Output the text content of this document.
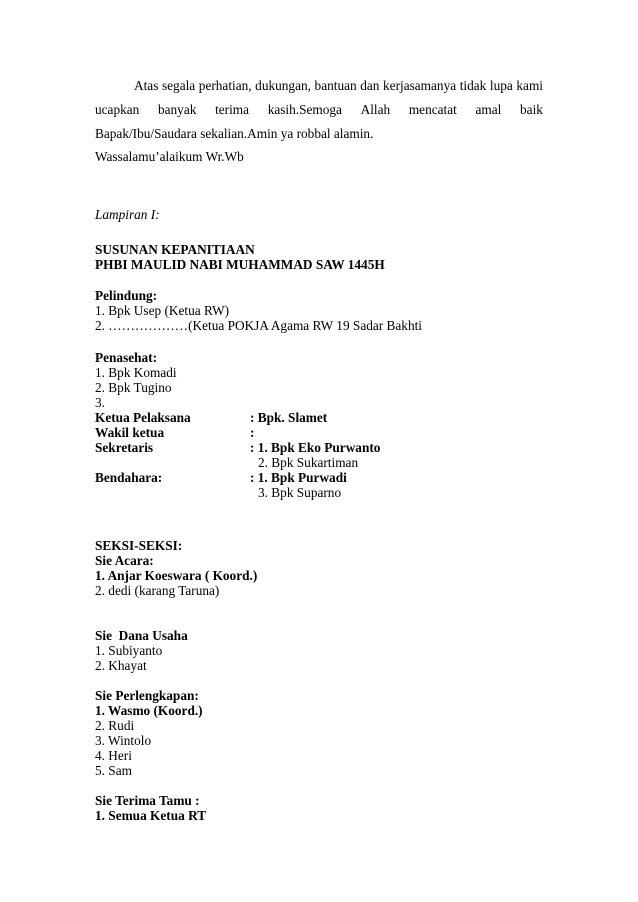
Atas segala perhatian, dukungan, bantuan dan kerjasamanya tidak lupa kami
ucapkan banyak terima kasih.Semoga Allah mencatat amal baik
Bapak/Ibu/Saudara sekalian.Amin ya robbal alamin.
Wassalamu’alaikum Wr.Wb
Lampiran I:
SUSUNAN KEPANITIAAN
PHBI MAULID NABI MUHAMMAD SAW 1445H
Pelindung:
1. Bpk Usep (Ketua RW)
2. ………………(Ketua POKJA Agama RW 19 Sadar Bakhti
Penasehat:
1. Bpk Komadi
2. Bpk Tugino
3.
Ketua Pelaksana	: Bpk. Slamet
Wakil ketua	:
Sekretaris	: 1. Bpk Eko Purwanto
2. Bpk Sukartiman
Bendahara:	: 1. Bpk Purwadi
3. Bpk Suparno
SEKSI-SEKSI:
Sie Acara:
1. Anjar Koeswara ( Koord.)
2. dedi (karang Taruna)
Sie  Dana Usaha
1. Subiyanto
2. Khayat
Sie Perlengkapan:
1. Wasmo (Koord.)
2. Rudi
3. Wintolo
4. Heri
5. Sam
Sie Terima Tamu :
1. Semua Ketua RT
